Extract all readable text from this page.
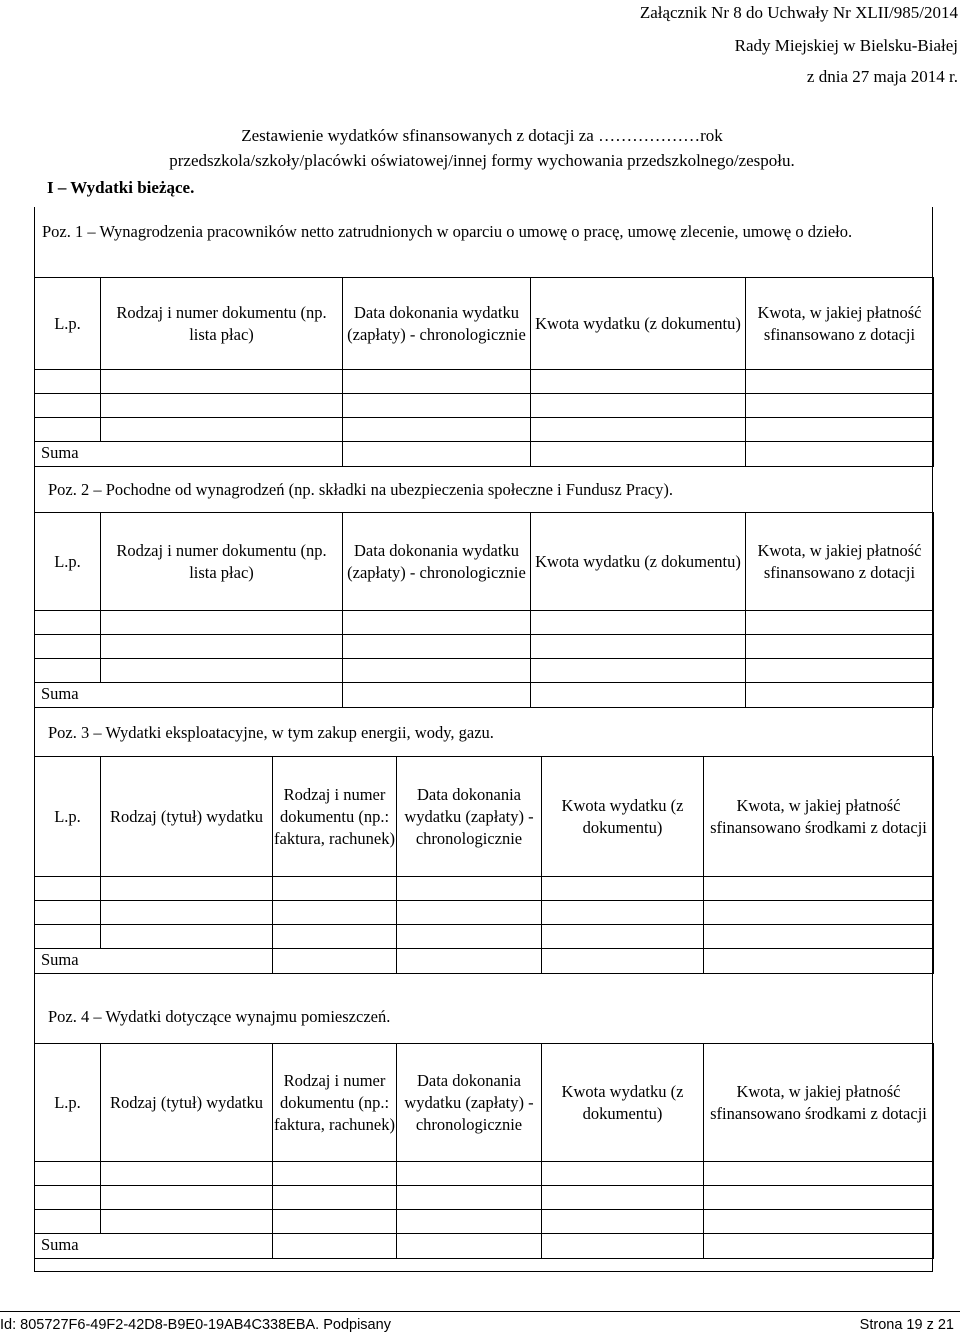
Załącznik Nr 8 do Uchwały Nr XLII/985/2014
Rady Miejskiej w Bielsku-Białej
z dnia 27 maja 2014 r.
Zestawienie wydatków sfinansowanych z dotacji za ………………rok
przedszkola/szkoły/placówki oświatowej/innej formy wychowania przedszkolnego/zespołu.
I – Wydatki bieżące.
Poz. 1 – Wynagrodzenia pracowników netto zatrudnionych w oparciu o umowę o pracę, umowę zlecenie, umowę o dzieło.
L.p.	Rodzaj i numer dokumentu (np. lista płac)	Data dokonania wydatku (zapłaty) - chronologicznie	Kwota wydatku (z dokumentu)	Kwota, w jakiej płatność sfinansowano z dotacji

Suma				
Poz. 2 – Pochodne od wynagrodzeń (np. składki na ubezpieczenia społeczne i Fundusz Pracy).
L.p.	Rodzaj i numer dokumentu (np. lista płac)	Data dokonania wydatku (zapłaty) - chronologicznie	Kwota wydatku (z dokumentu)	Kwota, w jakiej płatność sfinansowano z dotacji

Suma				
Poz. 3 – Wydatki eksploatacyjne, w tym zakup energii, wody, gazu.
L.p.	Rodzaj (tytuł) wydatku	Rodzaj i numer dokumentu (np.: faktura, rachunek)	Data dokonania wydatku (zapłaty) - chronologicznie	Kwota wydatku (z dokumentu)	Kwota, w jakiej płatność sfinansowano środkami z dotacji

Suma					
Poz. 4 – Wydatki dotyczące wynajmu pomieszczeń.
L.p.	Rodzaj (tytuł) wydatku	Rodzaj i numer dokumentu (np.: faktura, rachunek)	Data dokonania wydatku (zapłaty) - chronologicznie	Kwota wydatku (z dokumentu)	Kwota, w jakiej płatność sfinansowano środkami z dotacji

Suma					
Id: 805727F6-49F2-42D8-B9E0-19AB4C338EBA. Podpisany	Strona 19 z 21
